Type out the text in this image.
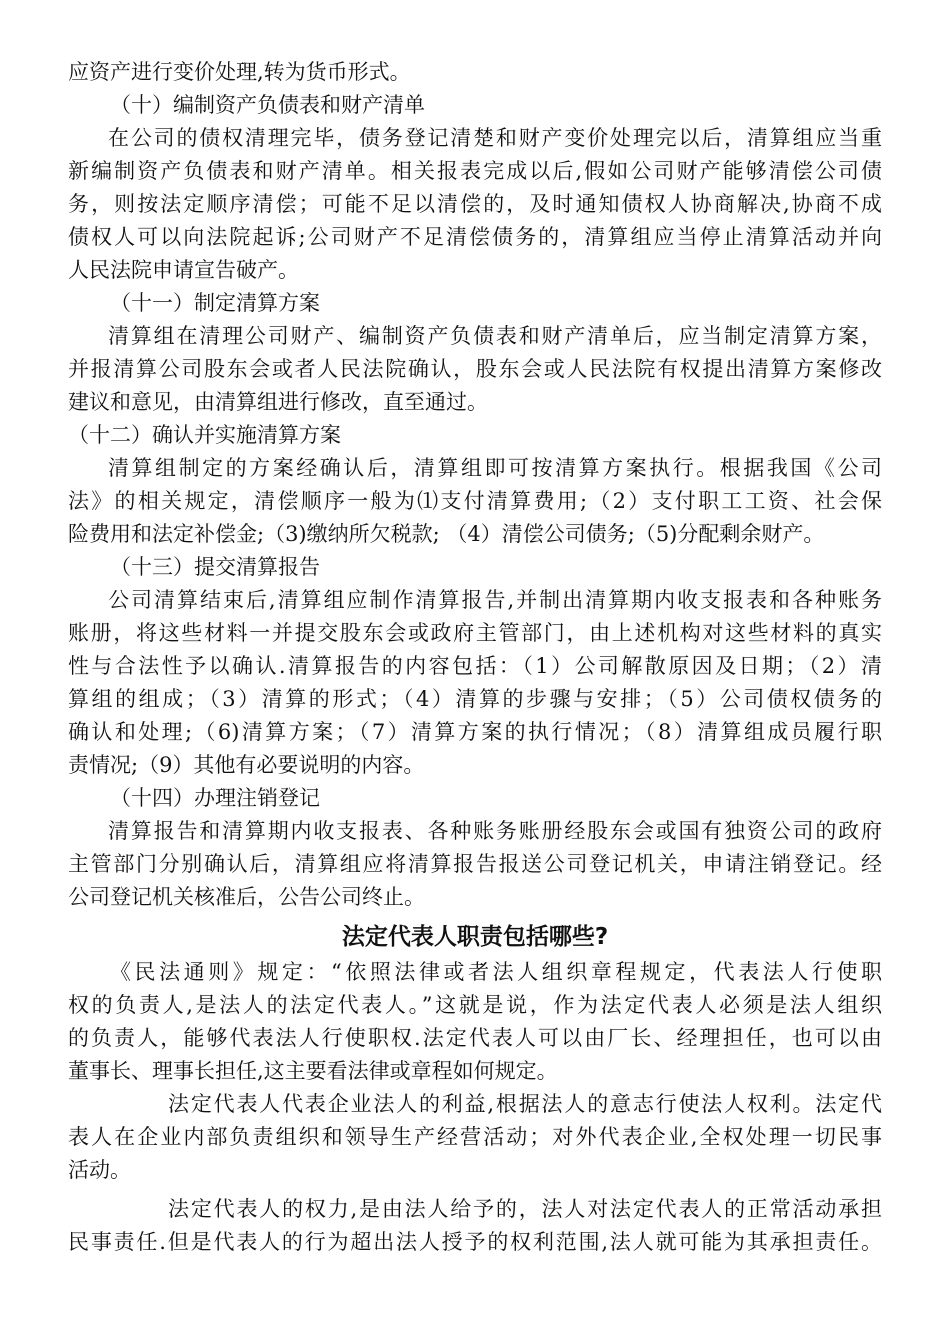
应资产进行变价处理,转为货币形式。
（十）编制资产负债表和财产清单
在公司的债权清理完毕，债务登记清楚和财产变价处理完以后，清算组应当重
新编制资产负债表和财产清单。相关报表完成以后,假如公司财产能够清偿公司债
务，则按法定顺序清偿；可能不足以清偿的，及时通知债权人协商解决,协商不成
债权人可以向法院起诉;公司财产不足清偿债务的，清算组应当停止清算活动并向
人民法院申请宣告破产。
（十一）制定清算方案
清算组在清理公司财产、编制资产负债表和财产清单后，应当制定清算方案，
并报清算公司股东会或者人民法院确认，股东会或人民法院有权提出清算方案修改
建议和意见，由清算组进行修改，直至通过。
（十二）确认并实施清算方案
清算组制定的方案经确认后，清算组即可按清算方案执行。根据我国《公司
法》的相关规定，清偿顺序一般为⑴支付清算费用;（2）支付职工工资、社会保
险费用和法定补偿金;（3)缴纳所欠税款; （4）清偿公司债务;（5)分配剩余财产。
（十三）提交清算报告
公司清算结束后,清算组应制作清算报告,并制出清算期内收支报表和各种账务
账册，将这些材料一并提交股东会或政府主管部门，由上述机构对这些材料的真实
性与合法性予以确认.清算报告的内容包括：（1）公司解散原因及日期；（2）清
算组的组成；（3）清算的形式；（4）清算的步骤与安排；（5）公司债权债务的
确认和处理;（6)清算方案；（7）清算方案的执行情况；（8）清算组成员履行职
责情况;（9）其他有必要说明的内容。
（十四）办理注销登记
清算报告和清算期内收支报表、各种账务账册经股东会或国有独资公司的政府
主管部门分别确认后，清算组应将清算报告报送公司登记机关，申请注销登记。经
公司登记机关核准后，公告公司终止。
法定代表人职责包括哪些?
《民法通则》规定：“依照法律或者法人组织章程规定，代表法人行使职
权的负责人,是法人的法定代表人。”这就是说，作为法定代表人必须是法人组织
的负责人，能够代表法人行使职权.法定代表人可以由厂长、经理担任，也可以由
董事长、理事长担任,这主要看法律或章程如何规定。
法定代表人代表企业法人的利益,根据法人的意志行使法人权利。法定代
表人在企业内部负责组织和领导生产经营活动；对外代表企业,全权处理一切民事
活动。
法定代表人的权力,是由法人给予的，法人对法定代表人的正常活动承担
民事责任.但是代表人的行为超出法人授予的权利范围,法人就可能为其承担责任。
